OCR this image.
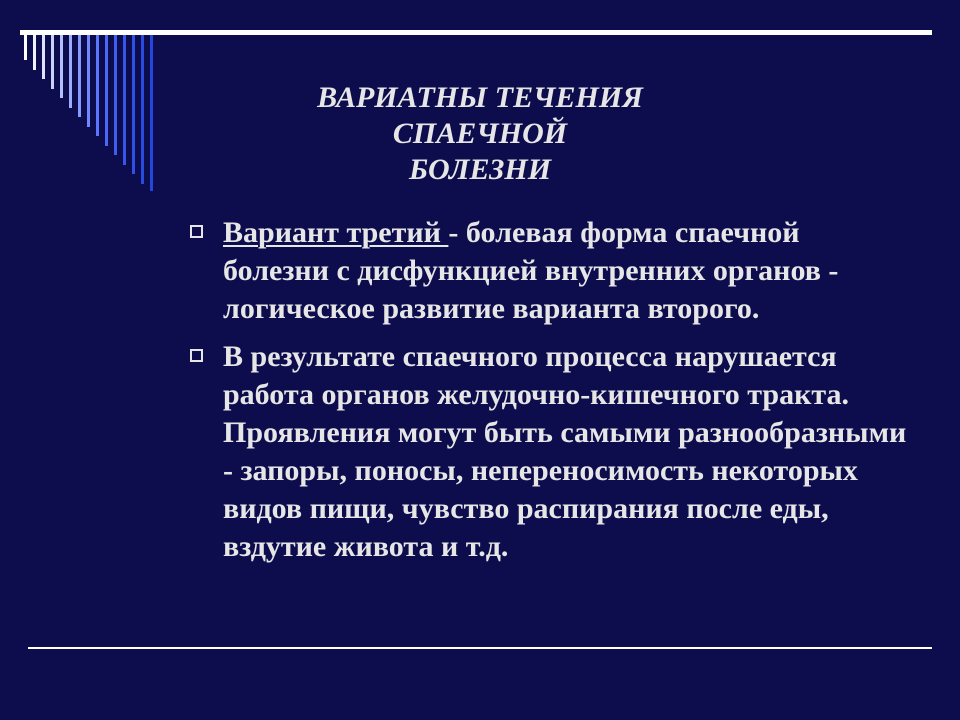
ВАРИАТНЫ ТЕЧЕНИЯ СПАЕЧНОЙ
БОЛЕЗНИ
Вариант третий - болевая форма спаечной болезни с дисфункцией внутренних органов - логическое развитие варианта второго.
В результате спаечного процесса нарушается работа органов желудочно-кишечного тракта. Проявления могут быть самыми разнообразными - запоры, поносы, непереносимость некоторых видов пищи, чувство распирания после еды, вздутие живота и т.д.
